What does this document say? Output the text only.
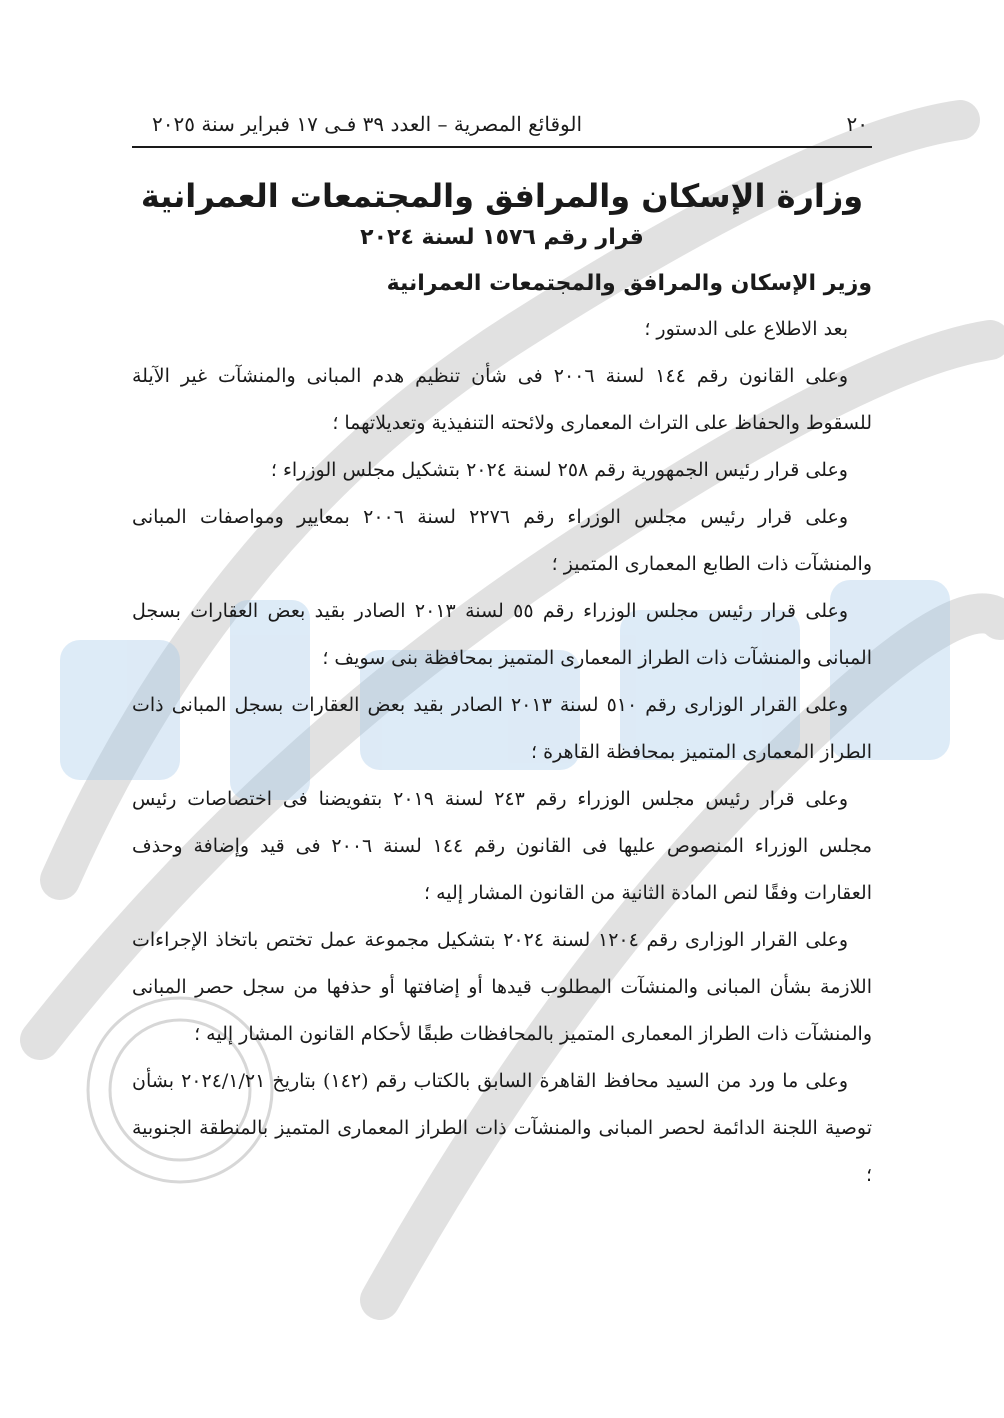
٢٠
الوقائع المصرية – العدد ٣٩ فـى ١٧ فبراير سنة ٢٠٢٥
وزارة الإسكان والمرافق والمجتمعات العمرانية
قرار رقم ١٥٧٦ لسنة ٢٠٢٤
وزير الإسكان والمرافق والمجتمعات العمرانية

بعد الاطلاع على الدستور ؛

وعلى القانون رقم ١٤٤ لسنة ٢٠٠٦ فى شأن تنظيم هدم المبانى والمنشآت غير الآيلة للسقوط والحفاظ على التراث المعمارى ولائحته التنفيذية وتعديلاتهما ؛

وعلى قرار رئيس الجمهورية رقم ٢٥٨ لسنة ٢٠٢٤ بتشكيل مجلس الوزراء ؛

وعلى قرار رئيس مجلس الوزراء رقم ٢٢٧٦ لسنة ٢٠٠٦ بمعايير ومواصفات المبانى والمنشآت ذات الطابع المعمارى المتميز ؛

وعلى قرار رئيس مجلس الوزراء رقم ٥٥ لسنة ٢٠١٣ الصادر بقيد بعض العقارات بسجل المبانى والمنشآت ذات الطراز المعمارى المتميز بمحافظة بنى سويف ؛

وعلى القرار الوزارى رقم ٥١٠ لسنة ٢٠١٣ الصادر بقيد بعض العقارات بسجل المبانى ذات الطراز المعمارى المتميز بمحافظة القاهرة ؛

وعلى قرار رئيس مجلس الوزراء رقم ٢٤٣ لسنة ٢٠١٩ بتفويضنا فى اختصاصات رئيس مجلس الوزراء المنصوص عليها فى القانون رقم ١٤٤ لسنة ٢٠٠٦ فى قيد وإضافة وحذف العقارات وفقًا لنص المادة الثانية من القانون المشار إليه ؛

وعلى القرار الوزارى رقم ١٢٠٤ لسنة ٢٠٢٤ بتشكيل مجموعة عمل تختص باتخاذ الإجراءات اللازمة بشأن المبانى والمنشآت المطلوب قيدها أو إضافتها أو حذفها من سجل حصر المبانى والمنشآت ذات الطراز المعمارى المتميز بالمحافظات طبقًا لأحكام القانون المشار إليه ؛

وعلى ما ورد من السيد محافظ القاهرة السابق بالكتاب رقم (١٤٢) بتاريخ ٢٠٢٤/١/٢١ بشأن توصية اللجنة الدائمة لحصر المبانى والمنشآت ذات الطراز المعمارى المتميز بالمنطقة الجنوبية ؛
